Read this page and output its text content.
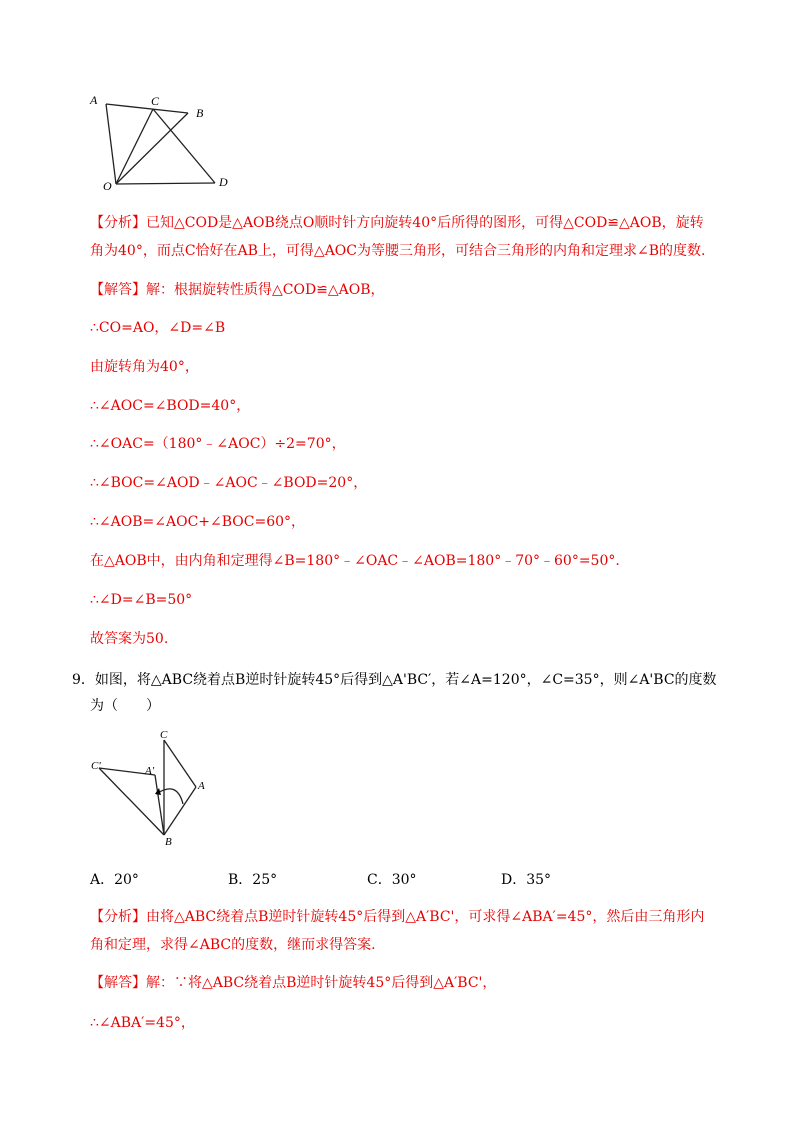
A	C
B
O	D
【分析】已知△COD是△AOB绕点O顺时针方向旋转40°后所得的图形，可得△COD≌△AOB，旋转
角为40°，而点C恰好在AB上，可得△AOC为等腰三角形，可结合三角形的内角和定理求∠B的度数.
【解答】解：根据旋转性质得△COD≌△AOB，
∴CO=AO，∠D=∠B
由旋转角为40°，
∴∠AOC=∠BOD=40°，
∴∠OAC=（180°﹣∠AOC）÷2=70°，
∴∠BOC=∠AOD﹣∠AOC﹣∠BOD=20°，
∴∠AOB=∠AOC+∠BOC=60°，
在△AOB中，由内角和定理得∠B=180°﹣∠OAC﹣∠AOB=180°﹣70°﹣60°=50°.
∴∠D=∠B=50°
故答案为50.
9．如图，将△ABC绕着点B逆时针旋转45°后得到△A'BC′，若∠A=120°，∠C=35°，则∠A'BC的度数
为（　　）
C
C'	A'
A
B
A．20°	B．25°	C．30°	D．35°
【分析】由将△ABC绕着点B逆时针旋转45°后得到△A′BC'，可求得∠ABA′=45°，然后由三角形内
角和定理，求得∠ABC的度数，继而求得答案.
【解答】解：∵将△ABC绕着点B逆时针旋转45°后得到△A′BC'，
∴∠ABA′=45°，
